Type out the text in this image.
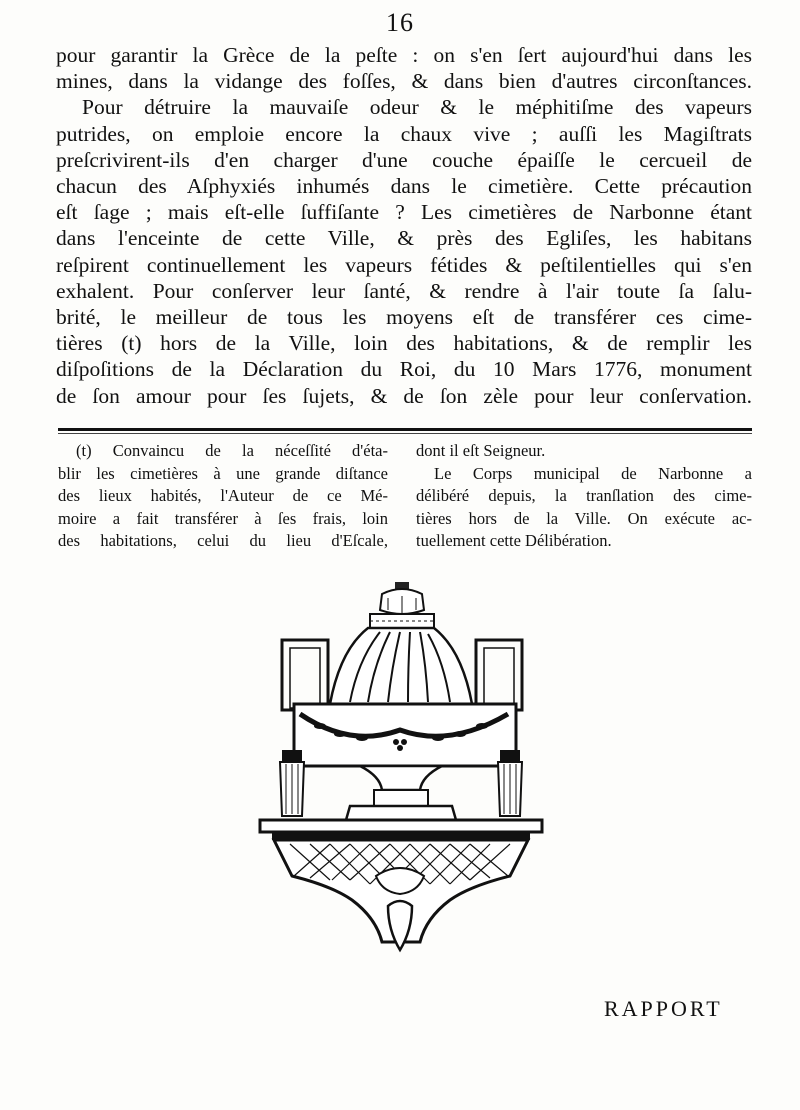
16
pour garantir la Grèce de la peſte : on s'en ſert aujourd'hui dans les
mines, dans la vidange des foſſes, & dans bien d'autres circonſtances.
Pour détruire la mauvaiſe odeur & le méphitiſme des vapeurs
putrides, on emploie encore la chaux vive ; auſſi les Magiſtrats
preſcrivirent-ils d'en charger d'une couche épaiſſe le cercueil de
chacun des Aſphyxiés inhumés dans le cimetière. Cette précaution
eſt ſage ; mais eſt-elle ſuffiſante ? Les cimetières de Narbonne étant
dans l'enceinte de cette Ville, & près des Egliſes, les habitans
reſpirent continuellement les vapeurs fétides & peſtilentielles qui s'en
exhalent. Pour conſerver leur ſanté, & rendre à l'air toute ſa ſalu-
brité, le meilleur de tous les moyens eſt de transférer ces cime-
tières (t) hors de la Ville, loin des habitations, & de remplir les
diſpoſitions de la Déclaration du Roi, du 10 Mars 1776, monument
de ſon amour pour ſes ſujets, & de ſon zèle pour leur conſervation.
(t) Convaincu de la néceſſité d'éta-
blir les cimetières à une grande diſtance
des lieux habités, l'Auteur de ce Mé-
moire a fait transférer à ſes frais, loin
des habitations, celui du lieu d'Eſcale,
dont il eſt Seigneur.
Le Corps municipal de Narbonne a
délibéré depuis, la tranſlation des cime-
tières hors de la Ville. On exécute ac-
tuellement cette Délibération.
RAPPORT
